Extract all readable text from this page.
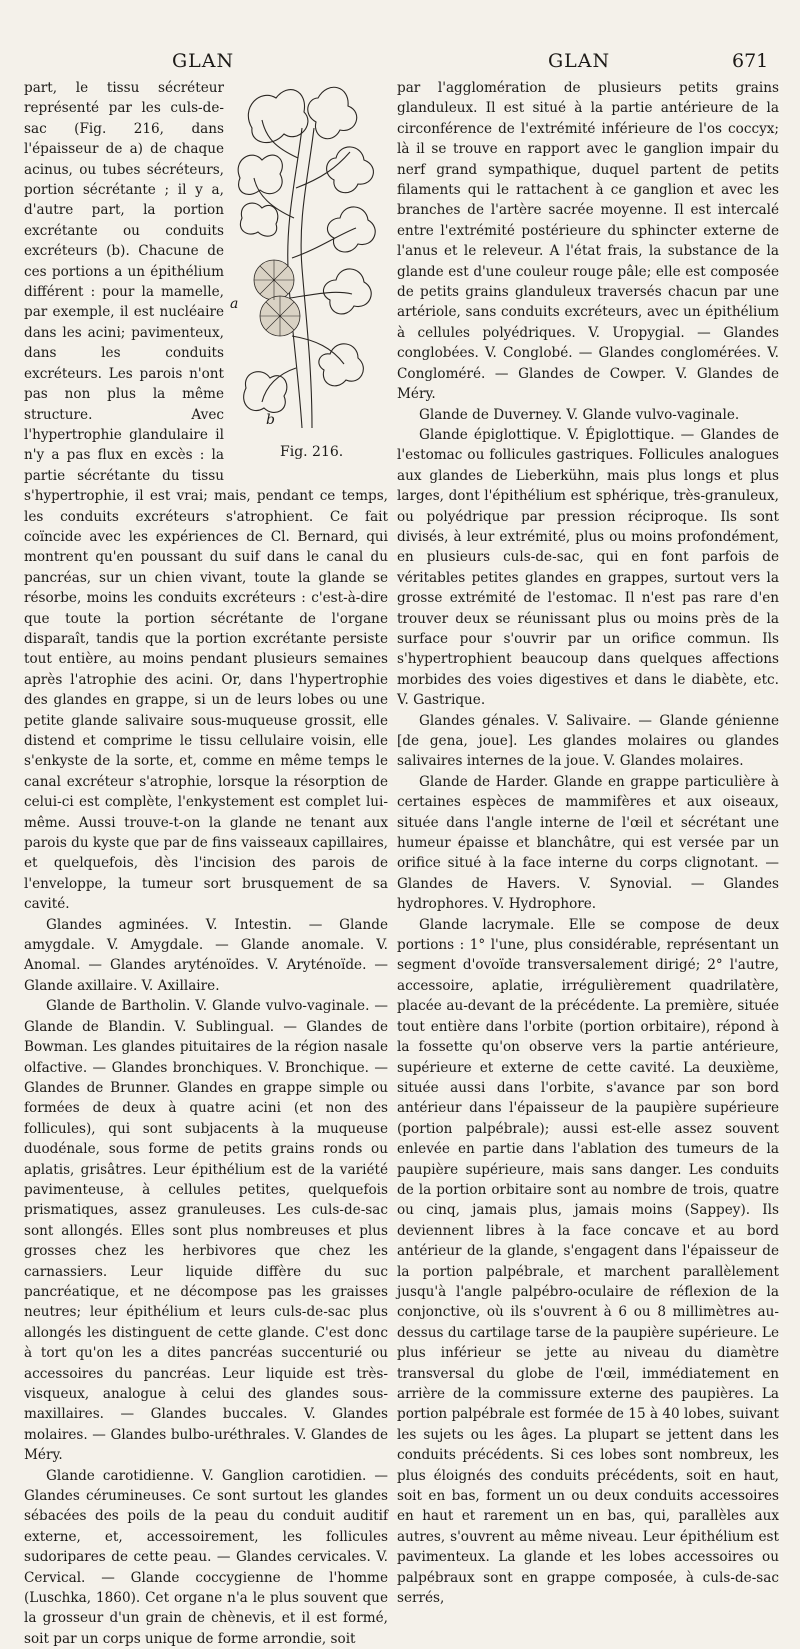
GLAN	GLAN	671

a
b
Fig. 216.
part, le tissu sécréteur représenté par les culs-de-sac (Fig. 216, dans l'épaisseur de a) de chaque acinus, ou tubes sécréteurs, portion sécrétante ; il y a, d'autre part, la portion excrétante ou conduits excréteurs (b). Chacune de ces portions a un épithélium différent : pour la mamelle, par exemple, il est nucléaire dans les acini; pavimenteux, dans les conduits excréteurs. Les parois n'ont pas non plus la même structure. Avec l'hypertrophie glandulaire il n'y a pas flux en excès : la partie sécrétante du tissu s'hypertrophie, il est vrai; mais, pendant ce temps, les conduits excréteurs s'atrophient. Ce fait coïncide avec les expériences de Cl. Bernard, qui montrent qu'en poussant du suif dans le canal du pancréas, sur un chien vivant, toute la glande se résorbe, moins les conduits excréteurs : c'est-à-dire que toute la portion sécrétante de l'organe disparaît, tandis que la portion excrétante persiste tout entière, au moins pendant plusieurs semaines après l'atrophie des acini. Or, dans l'hypertrophie des glandes en grappe, si un de leurs lobes ou une petite glande salivaire sous-muqueuse grossit, elle distend et comprime le tissu cellulaire voisin, elle s'enkyste de la sorte, et, comme en même temps le canal excréteur s'atrophie, lorsque la résorption de celui-ci est complète, l'enkystement est complet lui-même. Aussi trouve-t-on la glande ne tenant aux parois du kyste que par de fins vaisseaux capillaires, et quelquefois, dès l'incision des parois de l'enveloppe, la tumeur sort brusquement de sa cavité.

Glandes agminées. V. Intestin. — Glande amygdale. V. Amygdale. — Glande anomale. V. Anomal. — Glandes aryténoïdes. V. Aryténoïde. — Glande axillaire. V. Axillaire.

Glande de Bartholin. V. Glande vulvo-vaginale. — Glande de Blandin. V. Sublingual. — Glandes de Bowman. Les glandes pituitaires de la région nasale olfactive. — Glandes bronchiques. V. Bronchique. — Glandes de Brunner. Glandes en grappe simple ou formées de deux à quatre acini (et non des follicules), qui sont subjacents à la muqueuse duodénale, sous forme de petits grains ronds ou aplatis, grisâtres. Leur épithélium est de la variété pavimenteuse, à cellules petites, quelquefois prismatiques, assez granuleuses. Les culs-de-sac sont allongés. Elles sont plus nombreuses et plus grosses chez les herbivores que chez les carnassiers. Leur liquide diffère du suc pancréatique, et ne décompose pas les graisses neutres; leur épithélium et leurs culs-de-sac plus allongés les distinguent de cette glande. C'est donc à tort qu'on les a dites pancréas succenturié ou accessoires du pancréas. Leur liquide est très-visqueux, analogue à celui des glandes sous-maxillaires. — Glandes buccales. V. Glandes molaires. — Glandes bulbo-uréthrales. V. Glandes de Méry.

Glande carotidienne. V. Ganglion carotidien. — Glandes cérumineuses. Ce sont surtout les glandes sébacées des poils de la peau du conduit auditif externe, et, accessoirement, les follicules sudoripares de cette peau. — Glandes cervicales. V. Cervical. — Glande coccygienne de l'homme (Luschka, 1860). Cet organe n'a le plus souvent que la grosseur d'un grain de chènevis, et il est formé, soit par un corps unique de forme arrondie, soit

par l'agglomération de plusieurs petits grains glanduleux. Il est situé à la partie antérieure de la circonférence de l'extrémité inférieure de l'os coccyx; là il se trouve en rapport avec le ganglion impair du nerf grand sympathique, duquel partent de petits filaments qui le rattachent à ce ganglion et avec les branches de l'artère sacrée moyenne. Il est intercalé entre l'extrémité postérieure du sphincter externe de l'anus et le releveur. A l'état frais, la substance de la glande est d'une couleur rouge pâle; elle est composée de petits grains glanduleux traversés chacun par une artériole, sans conduits excréteurs, avec un épithélium à cellules polyédriques. V. Uropygial. — Glandes conglobées. V. Conglobé. — Glandes conglomérées. V. Congloméré. — Glandes de Cowper. V. Glandes de Méry.

Glande de Duverney. V. Glande vulvo-vaginale.

Glande épiglottique. V. Épiglottique. — Glandes de l'estomac ou follicules gastriques. Follicules analogues aux glandes de Lieberkühn, mais plus longs et plus larges, dont l'épithélium est sphérique, très-granuleux, ou polyédrique par pression réciproque. Ils sont divisés, à leur extrémité, plus ou moins profondément, en plusieurs culs-de-sac, qui en font parfois de véritables petites glandes en grappes, surtout vers la grosse extrémité de l'estomac. Il n'est pas rare d'en trouver deux se réunissant plus ou moins près de la surface pour s'ouvrir par un orifice commun. Ils s'hypertrophient beaucoup dans quelques affections morbides des voies digestives et dans le diabète, etc. V. Gastrique.

Glandes génales. V. Salivaire. — Glande génienne [de gena, joue]. Les glandes molaires ou glandes salivaires internes de la joue. V. Glandes molaires.

Glande de Harder. Glande en grappe particulière à certaines espèces de mammifères et aux oiseaux, située dans l'angle interne de l'œil et sécrétant une humeur épaisse et blanchâtre, qui est versée par un orifice situé à la face interne du corps clignotant. — Glandes de Havers. V. Synovial. — Glandes hydrophores. V. Hydrophore.

Glande lacrymale. Elle se compose de deux portions : 1° l'une, plus considérable, représentant un segment d'ovoïde transversalement dirigé; 2° l'autre, accessoire, aplatie, irrégulièrement quadrilatère, placée au-devant de la précédente. La première, située tout entière dans l'orbite (portion orbitaire), répond à la fossette qu'on observe vers la partie antérieure, supérieure et externe de cette cavité. La deuxième, située aussi dans l'orbite, s'avance par son bord antérieur dans l'épaisseur de la paupière supérieure (portion palpébrale); aussi est-elle assez souvent enlevée en partie dans l'ablation des tumeurs de la paupière supérieure, mais sans danger. Les conduits de la portion orbitaire sont au nombre de trois, quatre ou cinq, jamais plus, jamais moins (Sappey). Ils deviennent libres à la face concave et au bord antérieur de la glande, s'engagent dans l'épaisseur de la portion palpébrale, et marchent parallèlement jusqu'à l'angle palpébro-oculaire de réflexion de la conjonctive, où ils s'ouvrent à 6 ou 8 millimètres au-dessus du cartilage tarse de la paupière supérieure. Le plus inférieur se jette au niveau du diamètre transversal du globe de l'œil, immédiatement en arrière de la commissure externe des paupières. La portion palpébrale est formée de 15 à 40 lobes, suivant les sujets ou les âges. La plupart se jettent dans les conduits précédents. Si ces lobes sont nombreux, les plus éloignés des conduits précédents, soit en haut, soit en bas, forment un ou deux conduits accessoires en haut et rarement un en bas, qui, parallèles aux autres, s'ouvrent au même niveau. Leur épithélium est pavimenteux. La glande et les lobes accessoires ou palpébraux sont en grappe composée, à culs-de-sac serrés,
